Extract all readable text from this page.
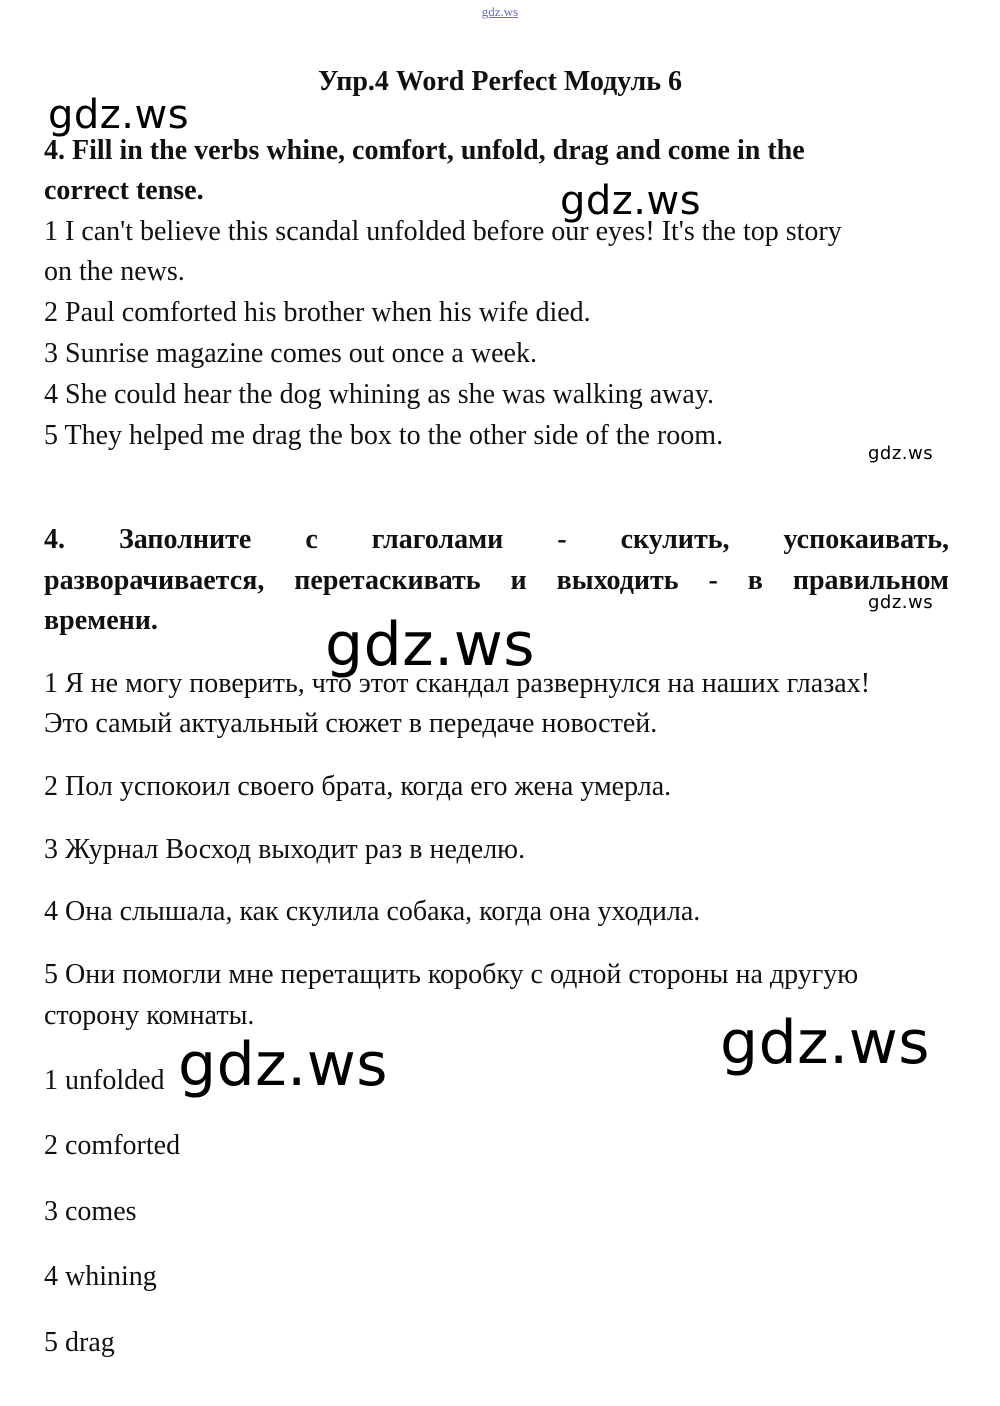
gdz.ws
Упр.4 Word Perfect Модуль 6
4. Fill in the verbs whine, comfort, unfold, drag and come in the
correct tense.
1 I can't believe this scandal unfolded before our eyes! It's the top story
on the news.
2 Paul comforted his brother when his wife died.
3 Sunrise magazine comes out once a week.
4 She could hear the dog whining as she was walking away.
5 They helped me drag the box to the other side of the room.
4. Заполните с глаголами - скулить, успокаивать,
разворачивается, перетаскивать и выходить - в правильном
времени.
1 Я не могу поверить, что этот скандал развернулся на наших глазах!
Это самый актуальный сюжет в передаче новостей.
2 Пол успокоил своего брата, когда его жена умерла.
3 Журнал Восход выходит раз в неделю.
4 Она слышала, как скулила собака, когда она уходила.
5 Они помогли мне перетащить коробку с одной стороны на другую
сторону комнаты.
1 unfolded
2 comforted
3 comes
4 whining
5 drag
gdz.ws
gdz.ws
gdz.ws
gdz.ws
gdz.ws
gdz.ws	gdz.ws
